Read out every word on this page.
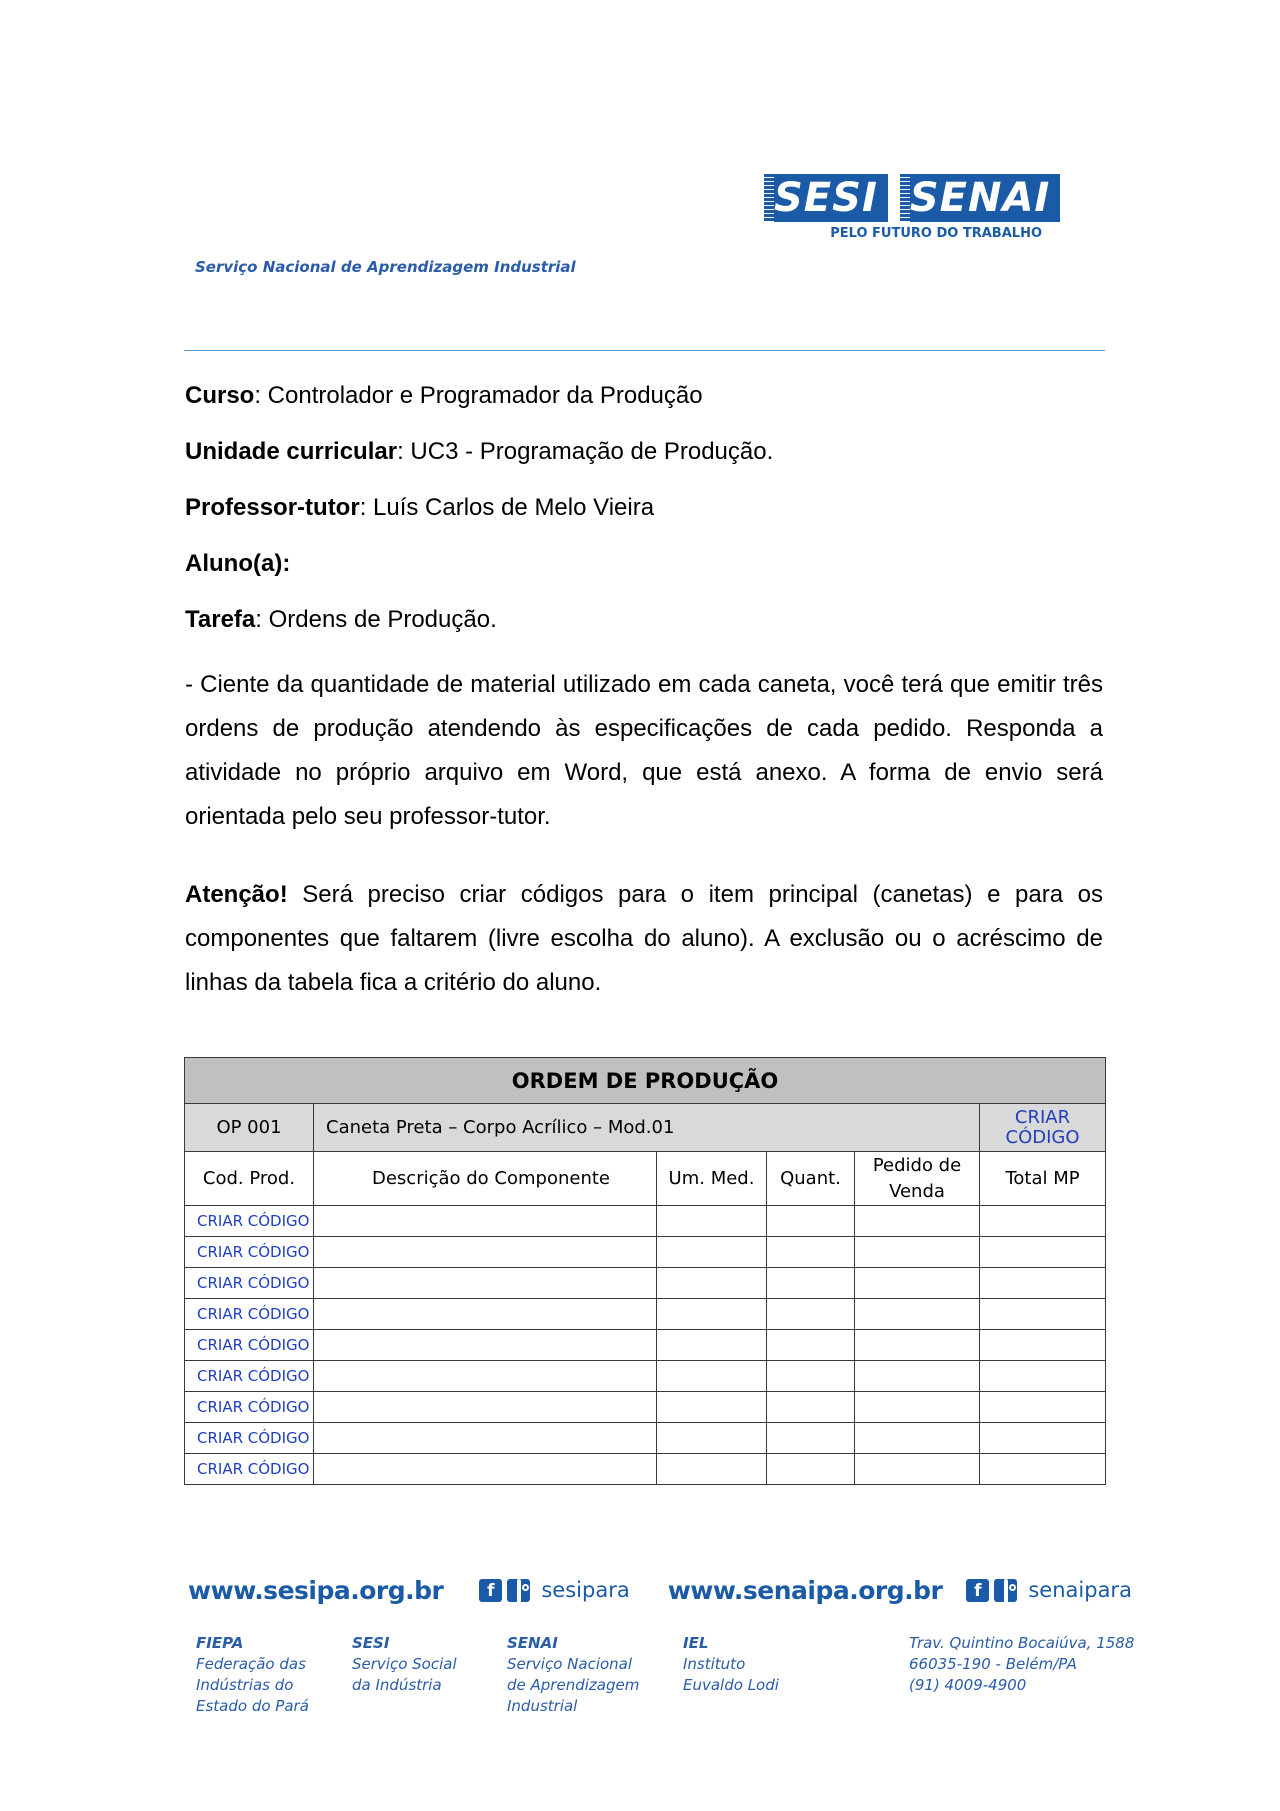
SESI SENAI
PELO FUTURO DO TRABALHO
Serviço Nacional de Aprendizagem Industrial
Curso: Controlador e Programador da Produção
Unidade curricular: UC3 - Programação de Produção.
Professor-tutor: Luís Carlos de Melo Vieira
Aluno(a):
Tarefa: Ordens de Produção.
- Ciente da quantidade de material utilizado em cada caneta, você terá que emitir três ordens de produção atendendo às especificações de cada pedido. Responda a atividade no próprio arquivo em Word, que está anexo. A forma de envio será orientada pelo seu professor-tutor.
Atenção! Será preciso criar códigos para o item principal (canetas) e para os componentes que faltarem (livre escolha do aluno). A exclusão ou o acréscimo de linhas da tabela fica a critério do aluno.
ORDEM DE PRODUÇÃO					
OP 001	Caneta Preta – Corpo Acrílico – Mod.01				CRIAR CÓDIGO
Cod. Prod.	Descrição do Componente	Um. Med.	Quant.	Pedido de Venda	Total MP
CRIAR CÓDIGO					
CRIAR CÓDIGO					
CRIAR CÓDIGO					
CRIAR CÓDIGO					
CRIAR CÓDIGO					
CRIAR CÓDIGO					
CRIAR CÓDIGO					
CRIAR CÓDIGO					
CRIAR CÓDIGO					
www.sesipa.org.br	f	sesipara www.senaipa.org.br	f	senaipara
FIEPA
Federação das
Indústrias do
Estado do Pará
SESI
Serviço Social
da Indústria
SENAI
Serviço Nacional
de Aprendizagem
Industrial
IEL
Instituto
Euvaldo Lodi
Trav. Quintino Bocaiúva, 1588
66035-190 - Belém/PA
(91) 4009-4900
